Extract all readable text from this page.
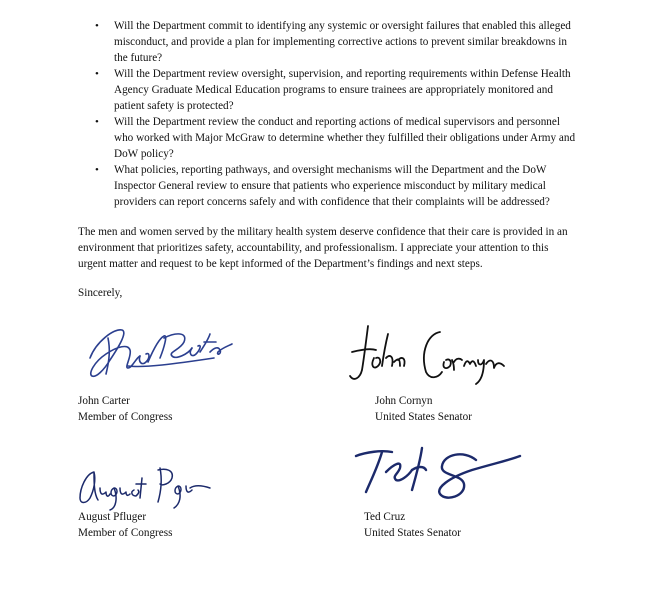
• Will the Department commit to identifying any systemic or oversight failures that enabled this alleged misconduct, and provide a plan for implementing corrective actions to prevent similar breakdowns in the future?
• Will the Department review oversight, supervision, and reporting requirements within Defense Health Agency Graduate Medical Education programs to ensure trainees are appropriately monitored and patient safety is protected?
• Will the Department review the conduct and reporting actions of medical supervisors and personnel who worked with Major McGraw to determine whether they fulfilled their obligations under Army and DoW policy?
• What policies, reporting pathways, and oversight mechanisms will the Department and the DoW Inspector General review to ensure that patients who experience misconduct by military medical providers can report concerns safely and with confidence that their complaints will be addressed?

The men and women served by the military health system deserve confidence that their care is provided in an environment that prioritizes safety, accountability, and professionalism. I appreciate your attention to this urgent matter and request to be kept informed of the Department’s findings and next steps.

Sincerely,
John Carter
Member of Congress
John Cornyn
United States Senator
August Pfluger
Member of Congress
Ted Cruz
United States Senator
